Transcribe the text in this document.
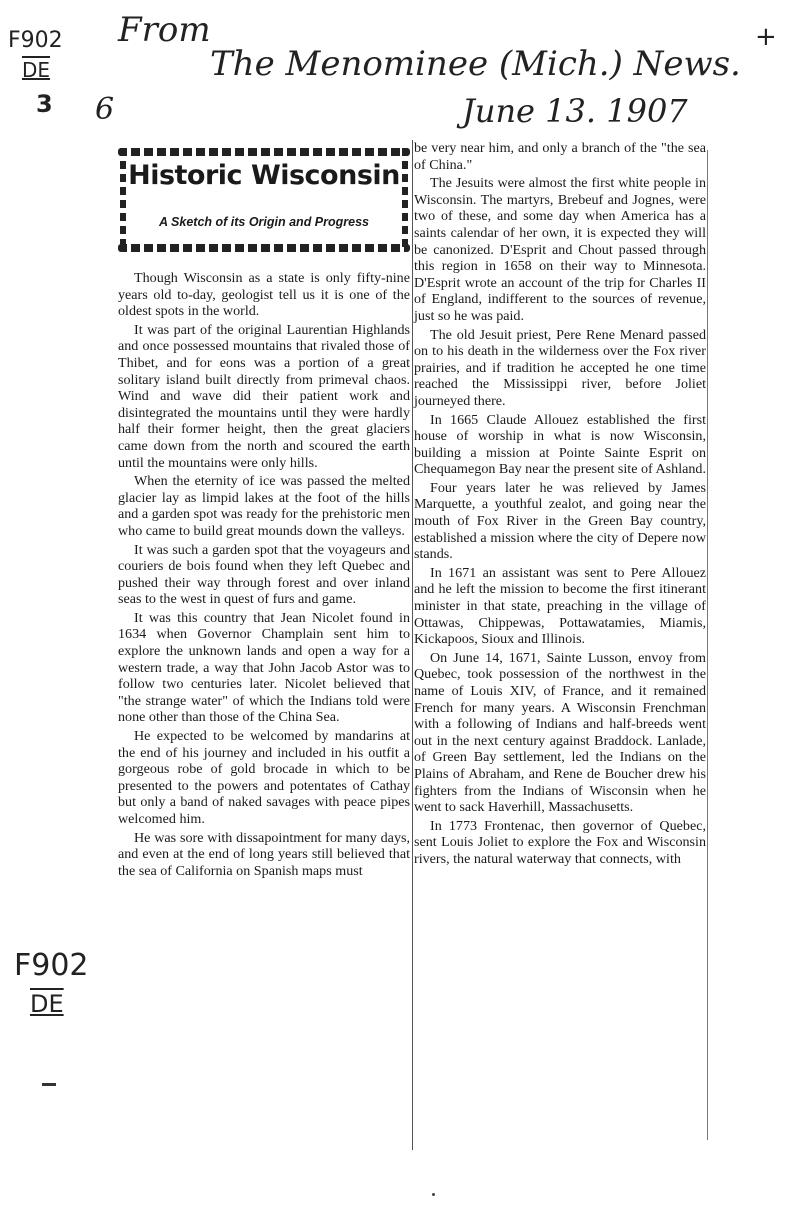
F902
DE
3
From
The Menominee (Mich.) News.
6	June 13. 1907
+
F902
DE
Historic Wisconsin
A Sketch of its Origin and Progress

Though Wisconsin as a state is only fifty-nine years old to-day, geologist tell us it is one of the oldest spots in the world.

It was part of the original Laurentian Highlands and once possessed mountains that rivaled those of Thibet, and for eons was a portion of a great solitary island built directly from primeval chaos. Wind and wave did their patient work and disintegrated the mountains until they were hardly half their former height, then the great glaciers came down from the north and scoured the earth until the mountains were only hills.

When the eternity of ice was passed the melted glacier lay as limpid lakes at the foot of the hills and a garden spot was ready for the prehistoric men who came to build great mounds down the valleys.

It was such a garden spot that the voyageurs and couriers de bois found when they left Quebec and pushed their way through forest and over inland seas to the west in quest of furs and game.

It was this country that Jean Nicolet found in 1634 when Governor Champlain sent him to explore the unknown lands and open a way for a western trade, a way that John Jacob Astor was to follow two centuries later. Nicolet believed that "the strange water" of which the Indians told were none other than those of the China Sea.

He expected to be welcomed by mandarins at the end of his journey and included in his outfit a gorgeous robe of gold brocade in which to be presented to the powers and potentates of Cathay but only a band of naked savages with peace pipes welcomed him.

He was sore with dissapointment for many days, and even at the end of long years still believed that the sea of California on Spanish maps must

be very near him, and only a branch of the "the sea of China."

The Jesuits were almost the first white people in Wisconsin. The martyrs, Brebeuf and Jognes, were two of these, and some day when America has a saints calendar of her own, it is expected they will be canonized. D'Esprit and Chout passed through this region in 1658 on their way to Minnesota. D'Esprit wrote an account of the trip for Charles II of England, indifferent to the sources of revenue, just so he was paid.

The old Jesuit priest, Pere Rene Menard passed on to his death in the wilderness over the Fox river prairies, and if tradition he accepted he one time reached the Mississippi river, before Joliet journeyed there.

In 1665 Claude Allouez established the first house of worship in what is now Wisconsin, building a mission at Pointe Sainte Esprit on Chequamegon Bay near the present site of Ashland.

Four years later he was relieved by James Marquette, a youthful zealot, and going near the mouth of Fox River in the Green Bay country, established a mission where the city of Depere now stands.

In 1671 an assistant was sent to Pere Allouez and he left the mission to become the first itinerant minister in that state, preaching in the village of Ottawas, Chippewas, Pottawatamies, Miamis, Kickapoos, Sioux and Illinois.

On June 14, 1671, Sainte Lusson, envoy from Quebec, took possession of the northwest in the name of Louis XIV, of France, and it remained French for many years. A Wisconsin Frenchman with a following of Indians and half-breeds went out in the next century against Braddock. Lanlade, of Green Bay settlement, led the Indians on the Plains of Abraham, and Rene de Boucher drew his fighters from the Indians of Wisconsin when he went to sack Haverhill, Massachusetts.

In 1773 Frontenac, then governor of Quebec, sent Louis Joliet to explore the Fox and Wisconsin rivers, the natural waterway that connects, with
